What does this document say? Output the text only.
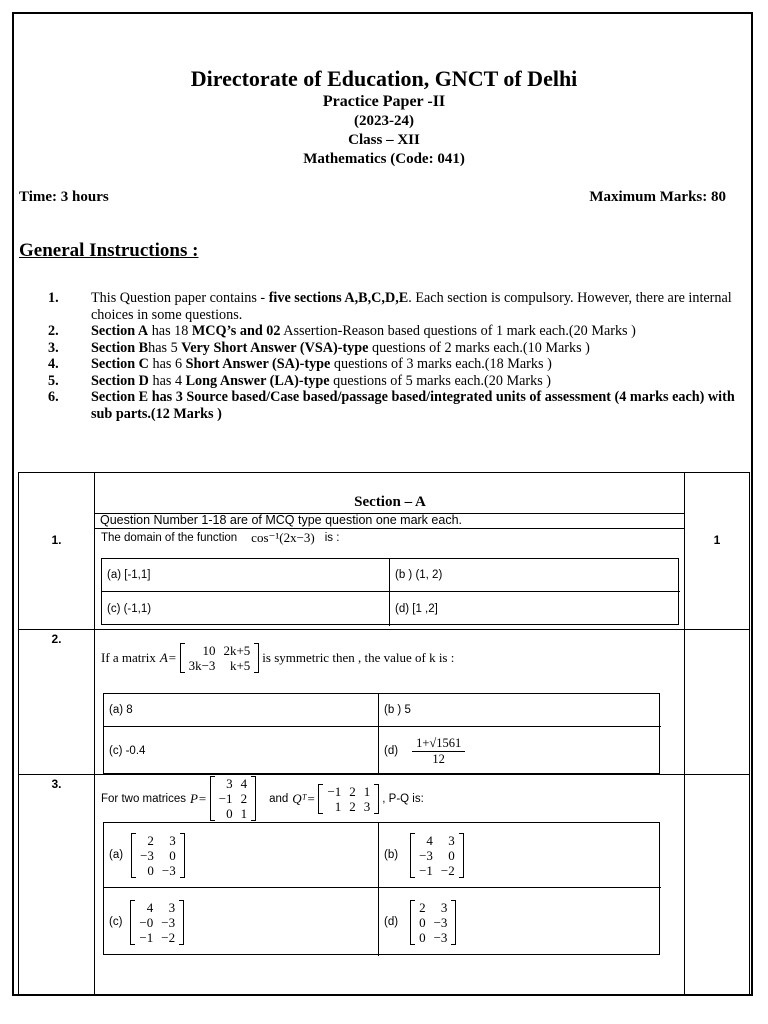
Directorate of Education, GNCT of Delhi
Practice Paper -II
(2023-24)
Class – XII
Mathematics (Code: 041)
Time: 3 hours	Maximum Marks: 80
General Instructions :
1.	This Question paper contains - five sections A,B,C,D,E. Each section is compulsory. However, there are internal choices in some questions.
2.	Section A has 18 MCQ’s and 02 Assertion-Reason based questions of 1 mark each.(20 Marks )
3.	Section Bhas 5 Very Short Answer (VSA)-type questions of 2 marks each.(10 Marks )
4.	Section C has 6 Short Answer (SA)-type questions of 3 marks each.(18 Marks )
5.	Section D has 4 Long Answer (LA)-type questions of 5 marks each.(20 Marks )
6.	Section E has 3 Source based/Case based/passage based/integrated units of assessment (4 marks each) with sub parts.(12 Marks )
Section – A
Question Number 1-18 are of MCQ type question one mark each.
1.	1
The domain of the function cos⁻¹(2x−3) is :
(a) [-1,1]	(b ) (1, 2)
(c) (-1,1)	(d) [1 ,2]
2.
If a matrix A= 10	2k+5
3k−3	k+5
is symmetric then , the value of k is :
(a) 8	(b ) 5
(c) -0.4	$(d) \frac{1+√1561}{12}$
3.
For two matrices P=
3	4
−1	2
0	1
and Qᵀ= −1	2	1
1	2	3 , P-Q is:
(a)
2	3
−3	0
0	−3
(b)
4	3
−3	0
−1	−2
(c)
4	3
−0	−3
−1	−2
(d)
2	3
0	−3
0	−3
